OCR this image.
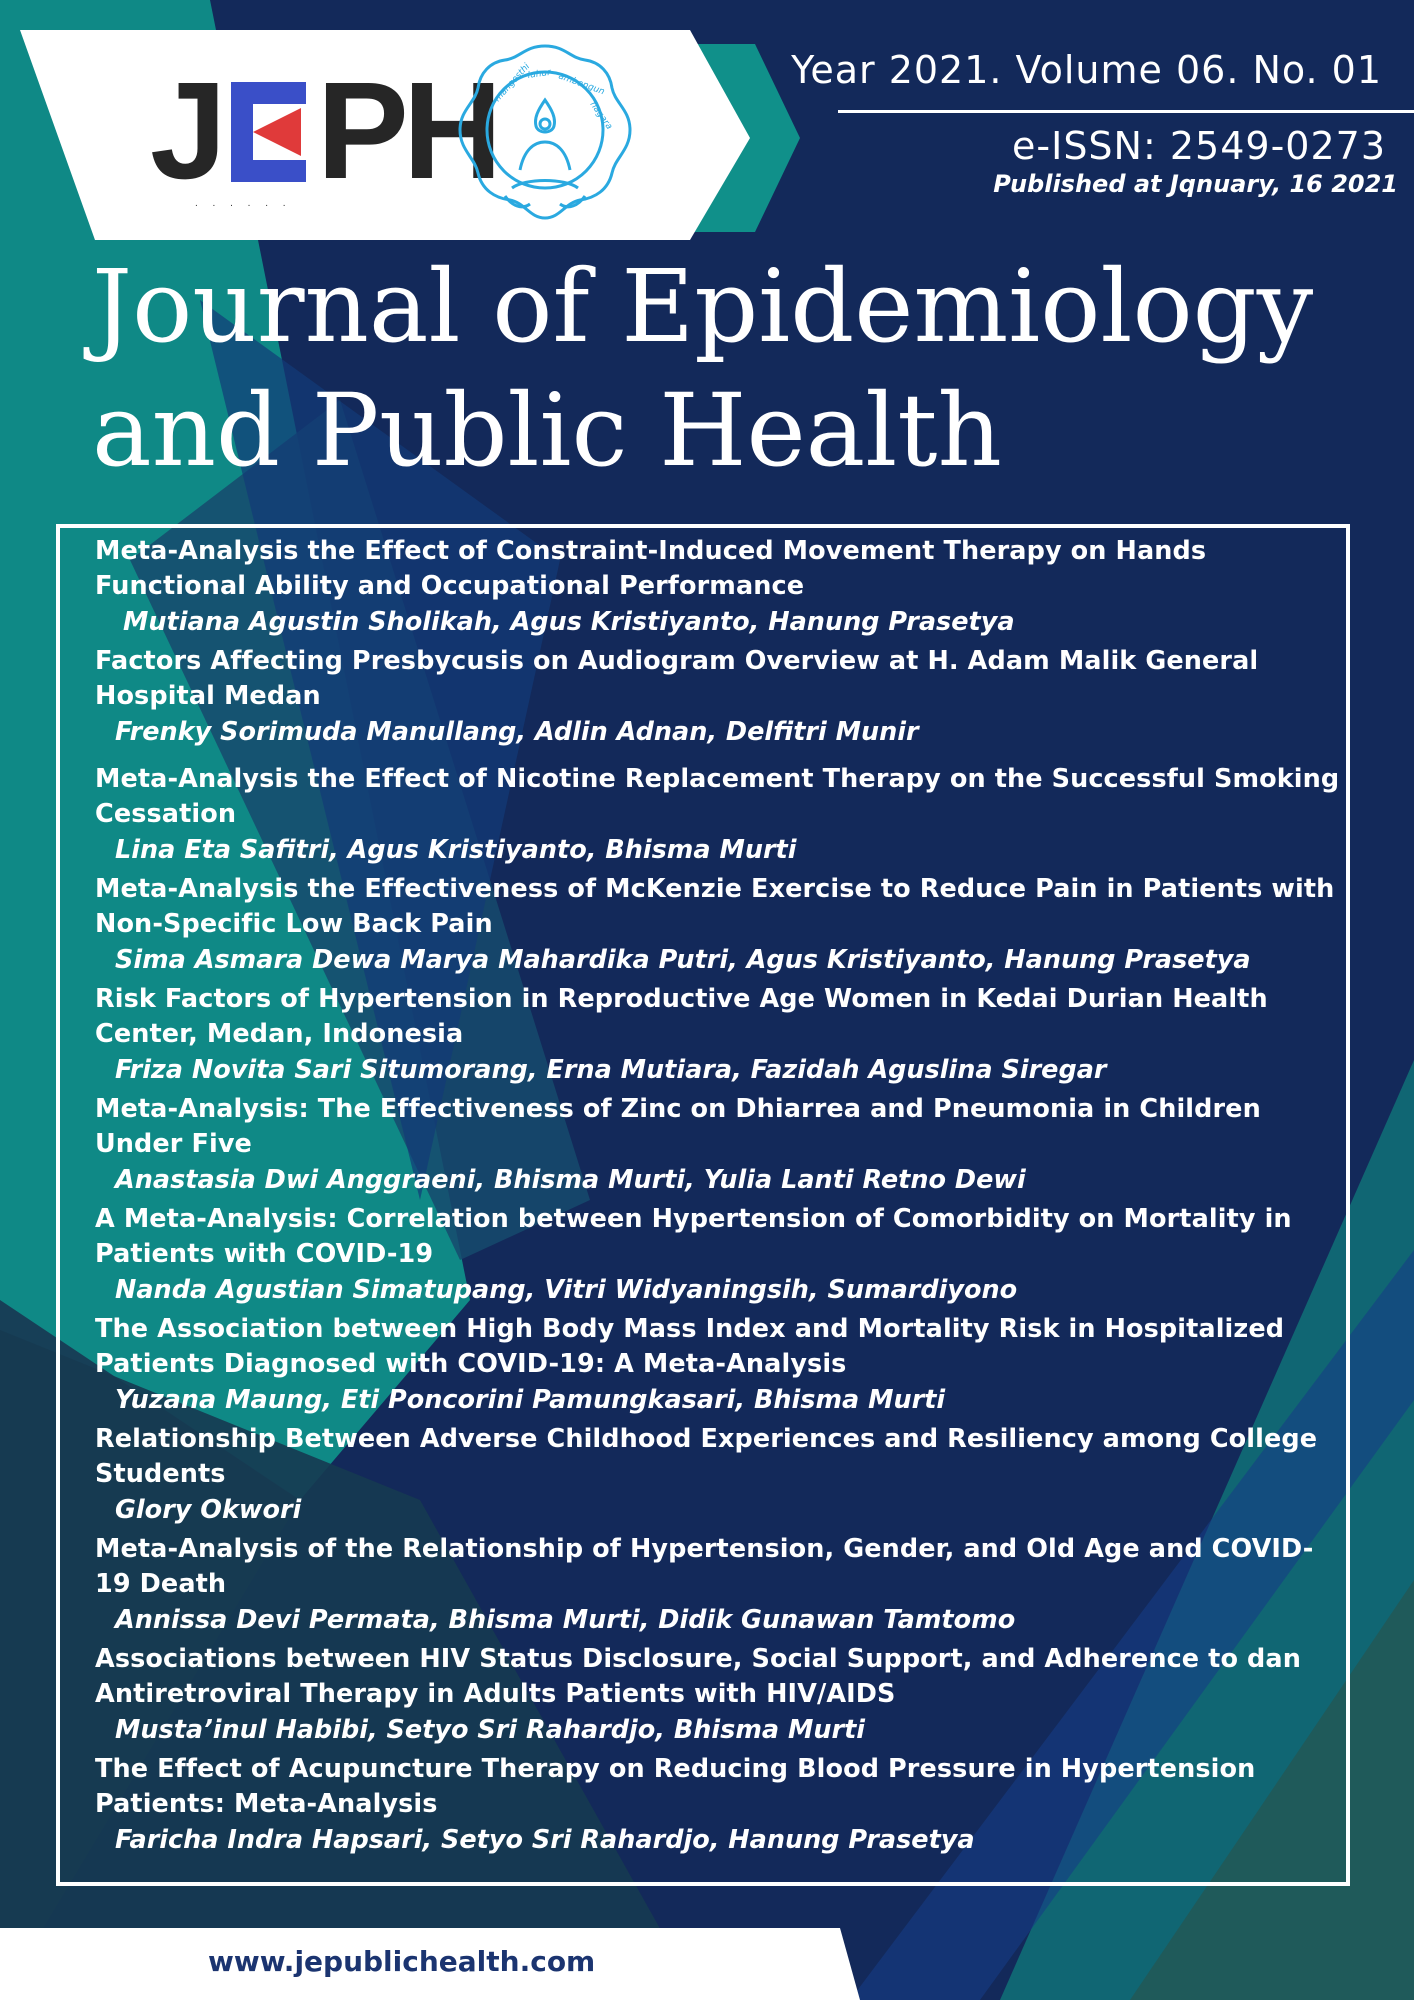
J PH
. . . . . .
mangesthi
luhur ambangun
nagara
Year 2021. Volume 06. No. 01
e-ISSN: 2549-0273
Published at Jqnuary, 16 2021
Journal of Epidemiology
and Public Health
Meta-Analysis the Effect of Constraint-Induced Movement Therapy on Hands Functional Ability and Occupational Performance
Mutiana Agustin Sholikah, Agus Kristiyanto, Hanung Prasetya
Factors Affecting Presbycusis on Audiogram Overview at H. Adam Malik General Hospital Medan
Frenky Sorimuda Manullang, Adlin Adnan, Delfitri Munir
Meta-Analysis the Effect of Nicotine Replacement Therapy on the Successful Smoking Cessation
Lina Eta Safitri, Agus Kristiyanto, Bhisma Murti
Meta-Analysis the Effectiveness of McKenzie Exercise to Reduce Pain in Patients with Non-Specific Low Back Pain
Sima Asmara Dewa Marya Mahardika Putri, Agus Kristiyanto, Hanung Prasetya
Risk Factors of Hypertension in Reproductive Age Women in Kedai Durian Health Center, Medan, Indonesia
Friza Novita Sari Situmorang, Erna Mutiara, Fazidah Aguslina Siregar
Meta-Analysis: The Effectiveness of Zinc on Dhiarrea and Pneumonia in Children Under Five
Anastasia Dwi Anggraeni, Bhisma Murti, Yulia Lanti Retno Dewi
A Meta-Analysis: Correlation between Hypertension of Comorbidity on Mortality in Patients with COVID-19
Nanda Agustian Simatupang, Vitri Widyaningsih, Sumardiyono
The Association between High Body Mass Index and Mortality Risk in Hospitalized Patients Diagnosed with COVID-19: A Meta-Analysis
Yuzana Maung, Eti Poncorini Pamungkasari, Bhisma Murti
Relationship Between Adverse Childhood Experiences and Resiliency among College Students
Glory Okwori
Meta-Analysis of the Relationship of Hypertension, Gender, and Old Age and COVID-19 Death
Annissa Devi Permata, Bhisma Murti, Didik Gunawan Tamtomo
Associations between HIV Status Disclosure, Social Support, and Adherence to dan Antiretroviral Therapy in Adults Patients with HIV/AIDS
Musta’inul Habibi, Setyo Sri Rahardjo, Bhisma Murti
The Effect of Acupuncture Therapy on Reducing Blood Pressure in Hypertension Patients: Meta-Analysis
Faricha Indra Hapsari, Setyo Sri Rahardjo, Hanung Prasetya
www.jepublichealth.com
